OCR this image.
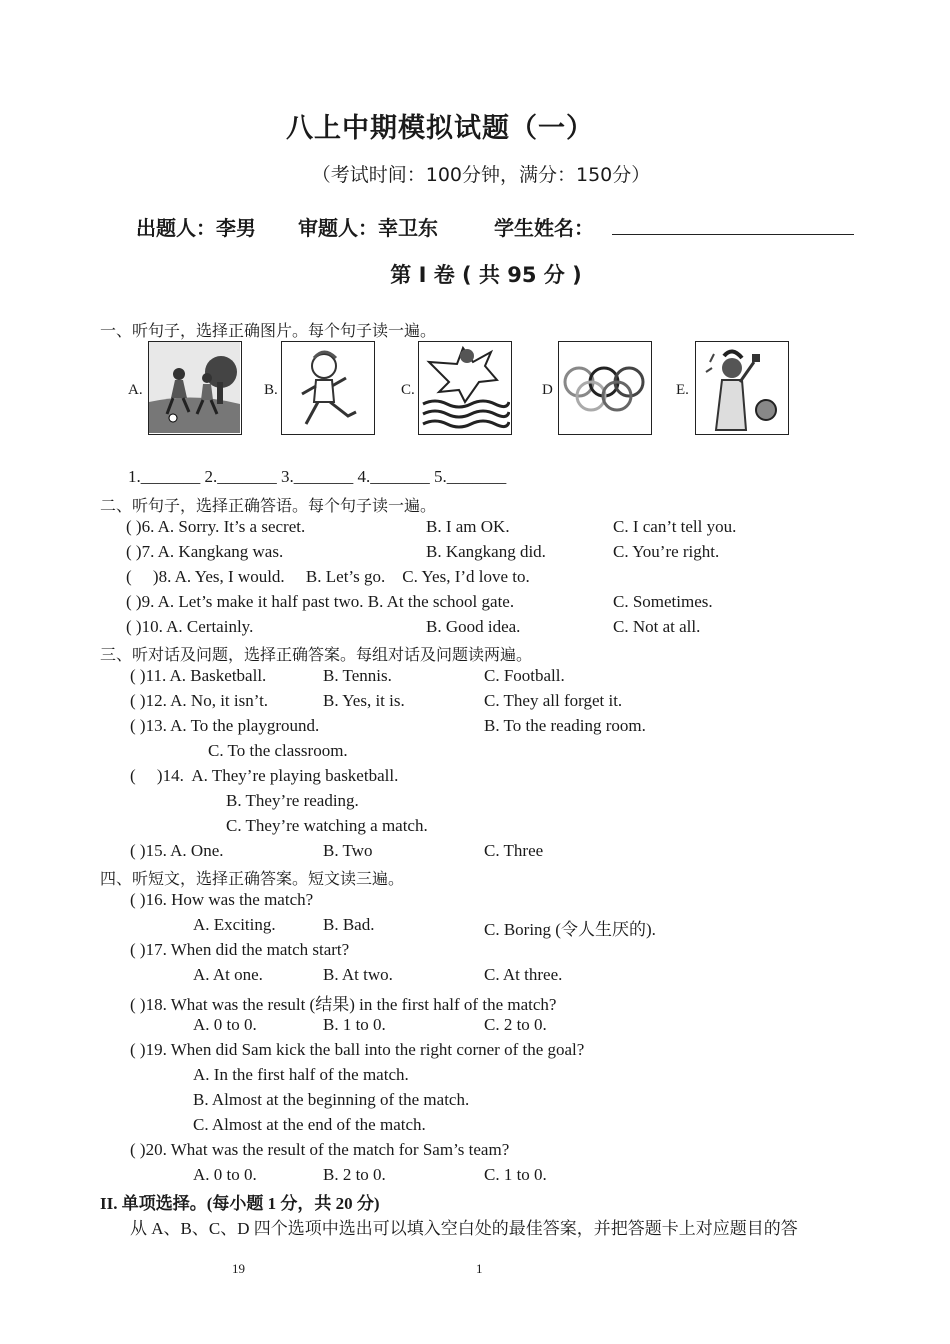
八上中期模拟试题（一）
（考试时间：100分钟，满分：150分）
出题人：李男 审题人：幸卫东	学生姓名：
第 I 卷 ( 共 95 分 )
一、听句子，选择正确图片。每个句子读一遍。
A.	B.	C.	D	E.
1._______ 2._______ 3._______ 4._______ 5._______
二、听句子，选择正确答语。每个句子读一遍。
( )6. A. Sorry. It’s a secret.	B. I am OK.	C. I can’t tell you.
( )7. A. Kangkang was.	B. Kangkang did.	C. You’re right.
(     )8. A. Yes, I would.     B. Let’s go.    C. Yes, I’d love to.
( )9. A. Let’s make it half past two. B. At the school gate.	C. Sometimes.
( )10. A. Certainly.	B. Good idea.	C. Not at all.
三、听对话及问题，选择正确答案。每组对话及问题读两遍。
( )11. A. Basketball.	B. Tennis.	C. Football.
( )12. A. No, it isn’t.	B. Yes, it is.	C. They all forget it.
( )13. A. To the playground.	B. To the reading room.
C. To the classroom.
(     )14.  A. They’re playing basketball.
B. They’re reading.
C. They’re watching a match.
( )15. A. One.	B. Two	C. Three
四、听短文，选择正确答案。短文读三遍。
( )16. How was the match?
A. Exciting.	B. Bad.	C. Boring (令人生厌的).
( )17. When did the match start?
A. At one.	B. At two.	C. At three.
( )18. What was the result (结果) in the first half of the match?
A. 0 to 0.	B. 1 to 0.	C. 2 to 0.
( )19. When did Sam kick the ball into the right corner of the goal?
A. In the first half of the match.
B. Almost at the beginning of the match.
C. Almost at the end of the match.
( )20. What was the result of the match for Sam’s team?
A. 0 to 0.	B. 2 to 0.	C. 1 to 0.
II. 单项选择。(每小题 1 分，共 20 分)
从 A、B、C、D 四个选项中选出可以填入空白处的最佳答案，并把答题卡上对应题目的答
19	1
